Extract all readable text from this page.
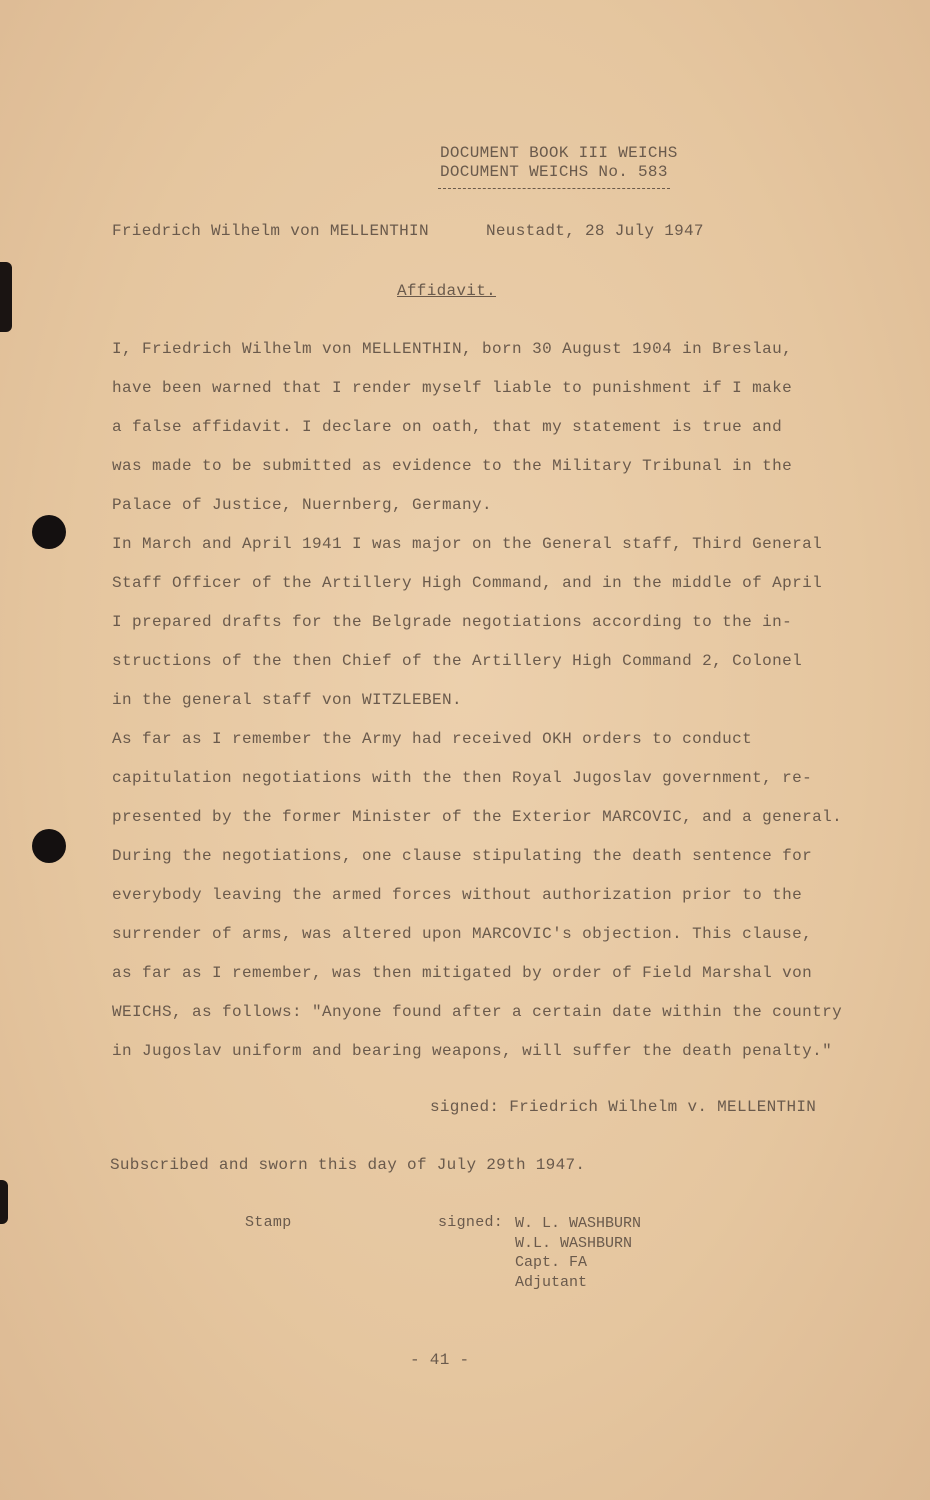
DOCUMENT BOOK III WEICHS
DOCUMENT WEICHS No. 583
Friedrich Wilhelm von MELLENTHIN	Neustadt, 28 July 1947
Affidavit.
I, Friedrich Wilhelm von MELLENTHIN, born 30 August 1904 in Breslau,
have been warned that I render myself liable to punishment if I make
a false affidavit. I declare on oath, that my statement is true and
was made to be submitted as evidence to the Military Tribunal in the
Palace of Justice, Nuernberg, Germany.
In March and April 1941 I was major on the General staff, Third General
Staff Officer of the Artillery High Command, and in the middle of April
I prepared drafts for the Belgrade negotiations according to the in-
structions of the then Chief of the Artillery High Command 2, Colonel
in the general staff von WITZLEBEN.
As far as I remember the Army had received OKH orders to conduct
capitulation negotiations with the then Royal Jugoslav government, re-
presented by the former Minister of the Exterior MARCOVIC, and a general.
During the negotiations, one clause stipulating the death sentence for
everybody leaving the armed forces without authorization prior to the
surrender of arms, was altered upon MARCOVIC's objection. This clause,
as far as I remember, was then mitigated by order of Field Marshal von
WEICHS, as follows: "Anyone found after a certain date within the country
in Jugoslav uniform and bearing weapons, will suffer the death penalty."
signed: Friedrich Wilhelm v. MELLENTHIN
Subscribed and sworn this day of July 29th 1947.
Stamp	signed: W. L. WASHBURN
W.L. WASHBURN
Capt. FA
Adjutant
- 41 -
